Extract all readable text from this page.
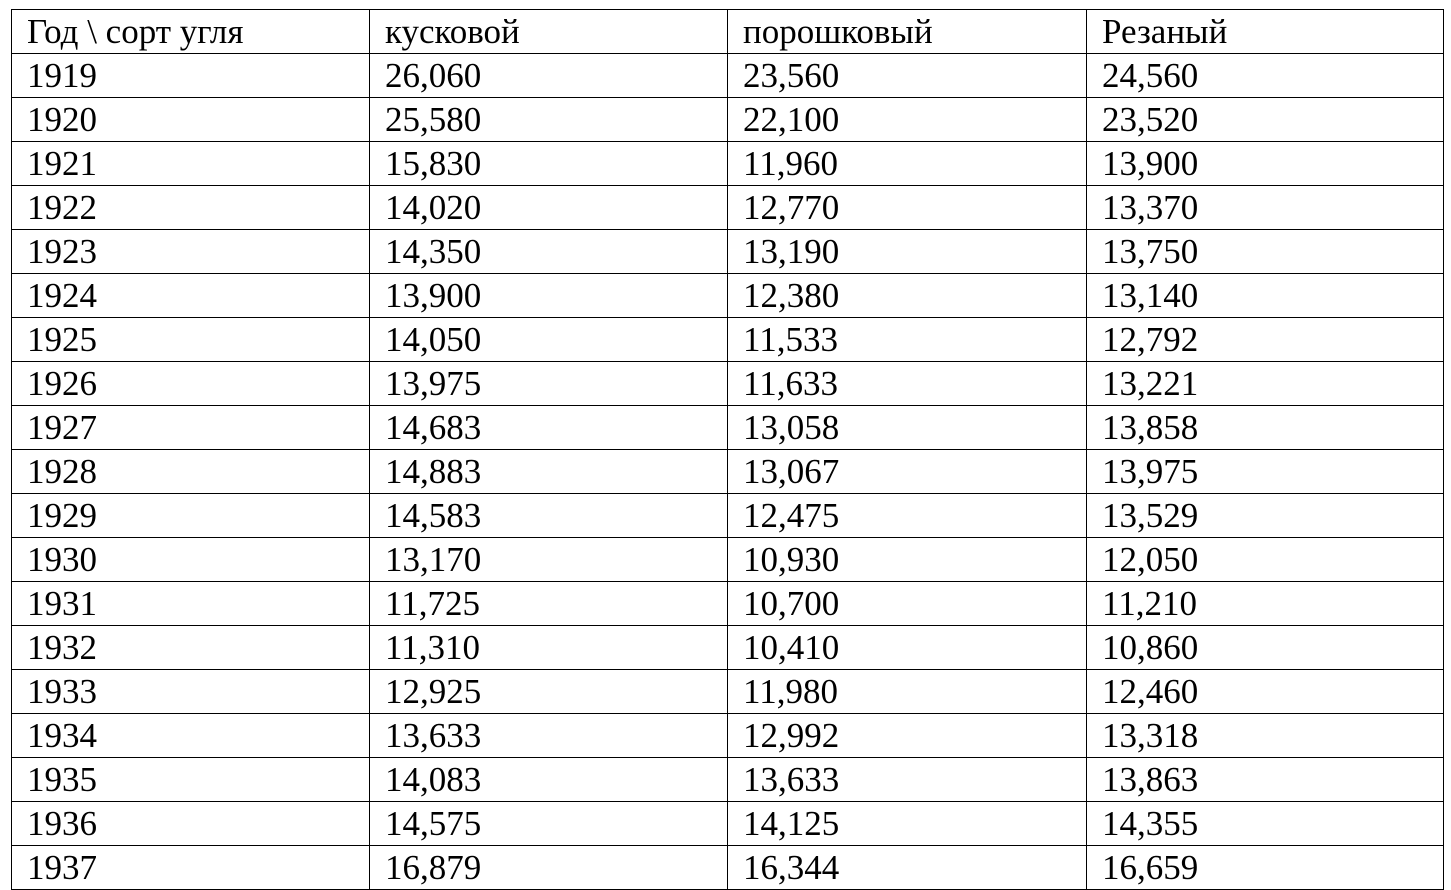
Год \ сорт угля	кусковой	порошковый	Резаный
1919	26,060	23,560	24,560
1920	25,580	22,100	23,520
1921	15,830	11,960	13,900
1922	14,020	12,770	13,370
1923	14,350	13,190	13,750
1924	13,900	12,380	13,140
1925	14,050	11,533	12,792
1926	13,975	11,633	13,221
1927	14,683	13,058	13,858
1928	14,883	13,067	13,975
1929	14,583	12,475	13,529
1930	13,170	10,930	12,050
1931	11,725	10,700	11,210
1932	11,310	10,410	10,860
1933	12,925	11,980	12,460
1934	13,633	12,992	13,318
1935	14,083	13,633	13,863
1936	14,575	14,125	14,355
1937	16,879	16,344	16,659
